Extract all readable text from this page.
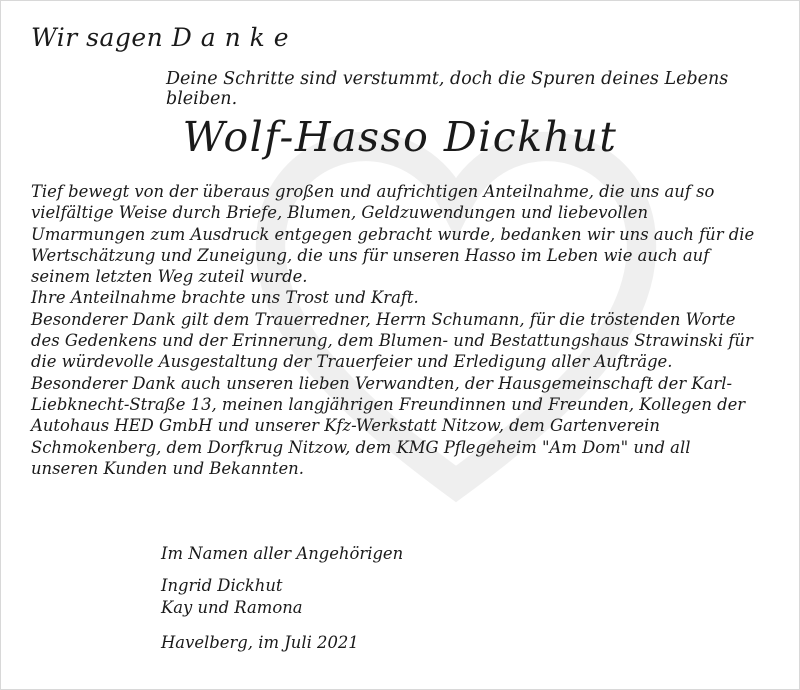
Wir sagen D a n k e

Deine Schritte sind verstummt, doch die Spuren deines Lebens bleiben.

Wolf-Hasso Dickhut
Tief bewegt von der überaus großen und aufrichtigen Anteilnahme, die uns auf so
vielfältige Weise durch Briefe, Blumen, Geldzuwendungen und liebevollen
Umarmungen zum Ausdruck entgegen gebracht wurde, bedanken wir uns auch für die
Wertschätzung und Zuneigung, die uns für unseren Hasso im Leben wie auch auf
seinem letzten Weg zuteil wurde.
Ihre Anteilnahme brachte uns Trost und Kraft.
Besonderer Dank gilt dem Trauerredner, Herrn Schumann, für die tröstenden Worte
des Gedenkens und der Erinnerung, dem Blumen- und Bestattungshaus Strawinski für
die würdevolle Ausgestaltung der Trauerfeier und Erledigung aller Aufträge.
Besonderer Dank auch unseren lieben Verwandten, der Hausgemeinschaft der Karl-
Liebknecht-Straße 13, meinen langjährigen Freundinnen und Freunden, Kollegen der
Autohaus HED GmbH und unserer Kfz-Werkstatt Nitzow, dem Gartenverein
Schmokenberg, dem Dorfkrug Nitzow, dem KMG Pflegeheim "Am Dom" und all
unseren Kunden und Bekannten.
Im Namen aller Angehörigen
Ingrid Dickhut
Kay und Ramona
Havelberg, im Juli 2021
